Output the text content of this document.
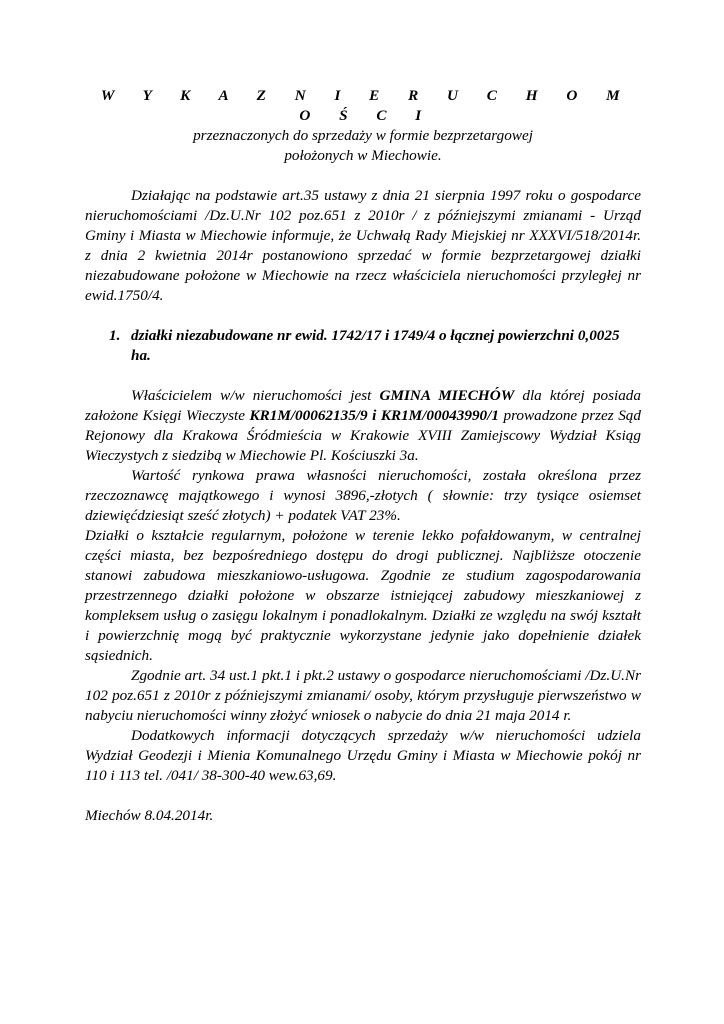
W Y K A Z N I E R U C H O M O Ś C I
przeznaczonych do sprzedaży w formie bezprzetargowej
położonych w Miechowie.

Działając na podstawie art.35 ustawy z dnia 21 sierpnia 1997 roku o gospodarce nieruchomościami /Dz.U.Nr 102 poz.651 z 2010r / z późniejszymi zmianami - Urząd Gminy i Miasta w Miechowie informuje, że Uchwałą Rady Miejskiej nr XXXVI/518/2014r. z dnia 2 kwietnia 2014r postanowiono sprzedać w formie bezprzetargowej działki niezabudowane położone w Miechowie na rzecz właściciela nieruchomości przyległej nr ewid.1750/4.

1. działki niezabudowane nr ewid. 1742/17 i 1749/4 o łącznej powierzchni 0,0025 ha.

Właścicielem w/w nieruchomości jest GMINA MIECHÓW dla której posiada założone Księgi Wieczyste KR1M/00062135/9 i KR1M/00043990/1 prowadzone przez Sąd Rejonowy dla Krakowa Śródmieścia w Krakowie XVIII Zamiejscowy Wydział Ksiąg Wieczystych z siedzibą w Miechowie Pl. Kościuszki 3a.

Wartość rynkowa prawa własności nieruchomości, została określona przez rzeczoznawcę majątkowego i wynosi 3896,-złotych ( słownie: trzy tysiące osiemset dziewięćdziesiąt sześć złotych) + podatek VAT 23%.

Działki o kształcie regularnym, położone w terenie lekko pofałdowanym, w centralnej części miasta, bez bezpośredniego dostępu do drogi publicznej. Najbliższe otoczenie stanowi zabudowa mieszkaniowo-usługowa. Zgodnie ze studium zagospodarowania przestrzennego działki położone w obszarze istniejącej zabudowy mieszkaniowej z kompleksem usług o zasięgu lokalnym i ponadlokalnym. Działki ze względu na swój kształt i powierzchnię mogą być praktycznie wykorzystane jedynie jako dopełnienie działek sąsiednich.

Zgodnie art. 34 ust.1 pkt.1 i pkt.2 ustawy o gospodarce nieruchomościami /Dz.U.Nr 102 poz.651 z 2010r z późniejszymi zmianami/ osoby, którym przysługuje pierwszeństwo w nabyciu nieruchomości winny złożyć wniosek o nabycie do dnia 21 maja 2014 r.

Dodatkowych informacji dotyczących sprzedaży w/w nieruchomości udziela Wydział Geodezji i Mienia Komunalnego Urzędu Gminy i Miasta w Miechowie pokój nr 110 i 113 tel. /041/ 38-300-40 wew.63,69.

Miechów 8.04.2014r.
